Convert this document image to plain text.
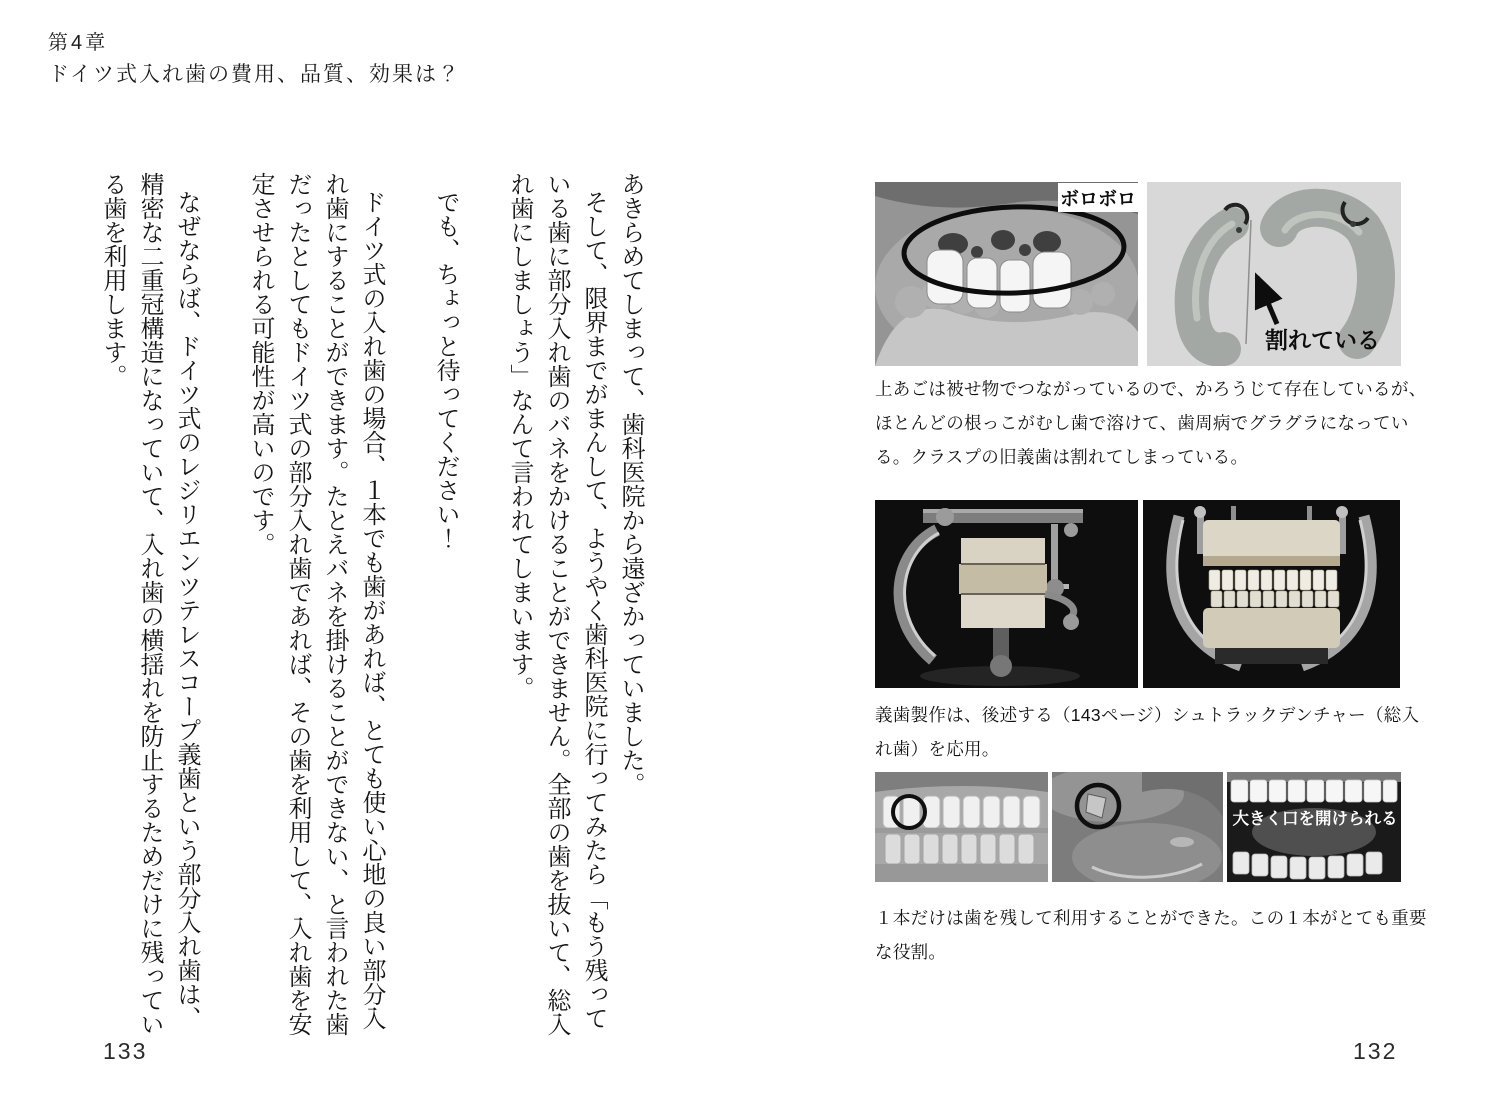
第4章
ドイツ式入れ歯の費用、品質、効果は？

あきらめてしまって、歯科医院から遠ざかっていました。

そして、限界までがまんして、ようやく歯科医院に行ってみたら「もう残っている歯に部分入れ歯のバネをかけることができません。全部の歯を抜いて、総入れ歯にしましょう」なんて言われてしまいます。

でも、ちょっと待ってください！

ドイツ式の入れ歯の場合、１本でも歯があれば、とても使い心地の良い部分入れ歯にすることができます。たとえバネを掛けることができない、と言われた歯だったとしてもドイツ式の部分入れ歯であれば、その歯を利用して、入れ歯を安定させられる可能性が高いのです。

なぜならば、ドイツ式のレジリエンツテレスコープ義歯という部分入れ歯は、精密な二重冠構造になっていて、入れ歯の横揺れを防止するためだけに残っている歯を利用します。	ボロボロ
割れている
上あごは被せ物でつながっているので、かろうじて存在しているが、ほとんどの根っこがむし歯で溶けて、歯周病でグラグラになっている。クラスプの旧義歯は割れてしまっている。
義歯製作は、後述する（143ページ）シュトラックデンチャー（総入れ歯）を応用。
大きく口を開けられる
１本だけは歯を残して利用することができた。この１本がとても重要な役割。
133	132
